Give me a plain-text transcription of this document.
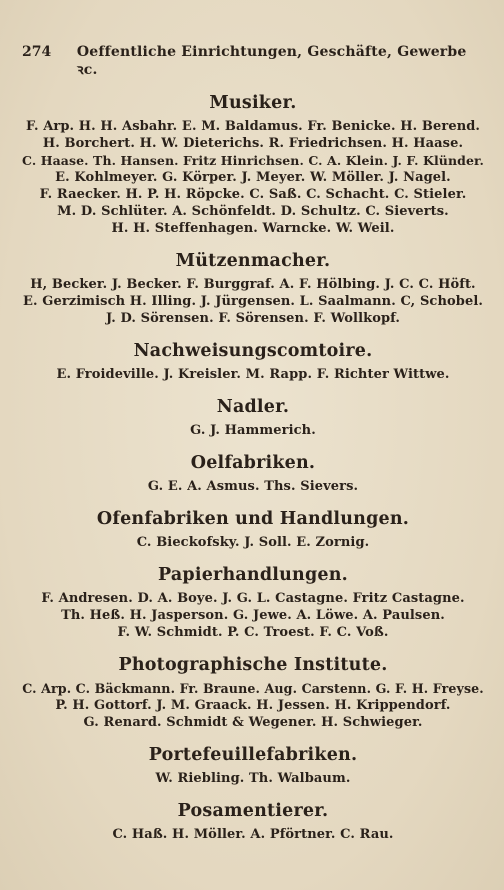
274	Oeffentliche Einrichtungen, Geschäfte, Gewerbe ꝛc.
Musiker.
F. Arp. H. H. Asbahr. E. M. Baldamus. Fr. Benicke. H. Berend.
H. Borchert. H. W. Dieterichs. R. Friedrichsen. H. Haase.
C. Haase. Th. Hansen. Fritz Hinrichsen. C. A. Klein. J. F. Klünder.
E. Kohlmeyer. G. Körper. J. Meyer. W. Möller. J. Nagel.
F. Raecker. H. P. H. Röpcke. C. Saß. C. Schacht. C. Stieler.
M. D. Schlüter. A. Schönfeldt. D. Schultz. C. Sieverts.
H. H. Steffenhagen. Warncke. W. Weil.
Mützenmacher.
H, Becker. J. Becker. F. Burggraf. A. F. Hölbing. J. C. C. Höft.
E. Gerzimisch H. Illing. J. Jürgensen. L. Saalmann. C, Schobel.
J. D. Sörensen. F. Sörensen. F. Wollkopf.
Nachweisungscomtoire.
E. Froideville. J. Kreisler. M. Rapp. F. Richter Wittwe.
Nadler.
G. J. Hammerich.
Oelfabriken.
G. E. A. Asmus. Ths. Sievers.
Ofenfabriken und Handlungen.
C. Bieckofsky. J. Soll. E. Zornig.
Papierhandlungen.
F. Andresen. D. A. Boye. J. G. L. Castagne. Fritz Castagne.
Th. Heß. H. Jasperson. G. Jewe. A. Löwe. A. Paulsen.
F. W. Schmidt. P. C. Troest. F. C. Voß.
Photographische Institute.
C. Arp. C. Bäckmann. Fr. Braune. Aug. Carstenn. G. F. H. Freyse.
P. H. Gottorf. J. M. Graack. H. Jessen. H. Krippendorf.
G. Renard. Schmidt & Wegener. H. Schwieger.
Portefeuillefabriken.
W. Riebling. Th. Walbaum.
Posamentierer.
C. Haß. H. Möller. A. Pförtner. C. Rau.
